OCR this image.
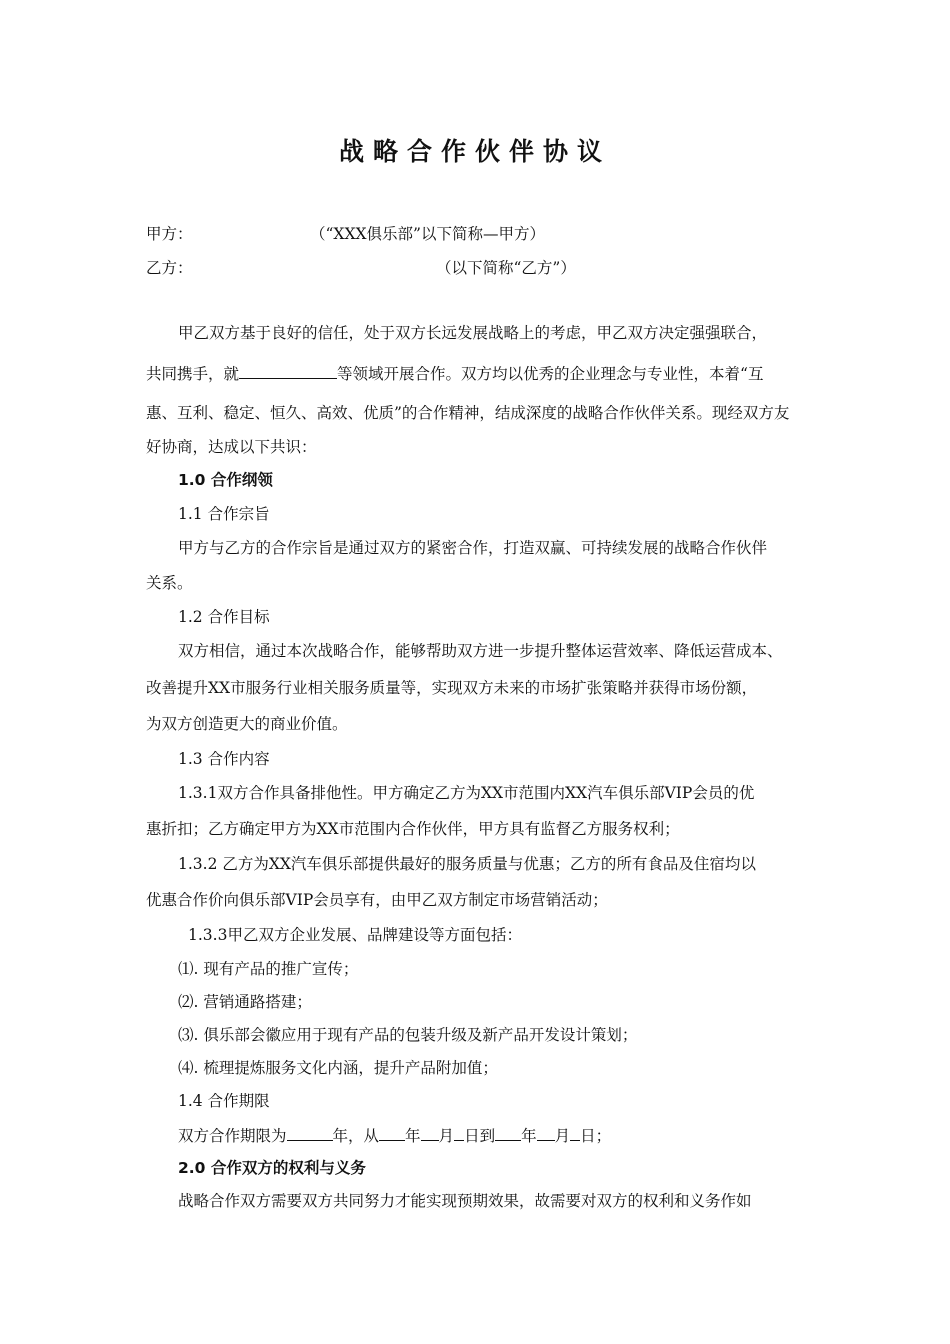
战略合作伙伴协议
甲方：	（“XXX俱乐部”以下简称—甲方）
乙方：	（以下简称“乙方”）
甲乙双方基于良好的信任，处于双方长远发展战略上的考虑，甲乙双方决定强强联合，
共同携手，就	等领域开展合作。双方均以优秀的企业理念与专业性，本着“互
惠、互利、稳定、恒久、高效、优质”的合作精神，结成深度的战略合作伙伴关系。现经双方友
好协商，达成以下共识：
1.0 合作纲领
1.1 合作宗旨
甲方与乙方的合作宗旨是通过双方的紧密合作，打造双赢、可持续发展的战略合作伙伴
关系。
1.2 合作目标
双方相信，通过本次战略合作，能够帮助双方进一步提升整体运营效率、降低运营成本、
改善提升XX市服务行业相关服务质量等，实现双方未来的市场扩张策略并获得市场份额，
为双方创造更大的商业价值。
1.3 合作内容
1.3.1双方合作具备排他性。甲方确定乙方为XX市范围内XX汽车俱乐部VIP会员的优
惠折扣；乙方确定甲方为XX市范围内合作伙伴，甲方具有监督乙方服务权利；
1.3.2 乙方为XX汽车俱乐部提供最好的服务质量与优惠；乙方的所有食品及住宿均以
优惠合作价向俱乐部VIP会员享有，由甲乙双方制定市场营销活动；
1.3.3甲乙双方企业发展、品牌建设等方面包括：
⑴. 现有产品的推广宣传；
⑵. 营销通路搭建；
⑶. 俱乐部会徽应用于现有产品的包装升级及新产品开发设计策划；
⑷. 梳理提炼服务文化内涵，提升产品附加值；
1.4 合作期限
双方合作期限为	年，从 年 月 日到 年 月 日；
2.0 合作双方的权利与义务
战略合作双方需要双方共同努力才能实现预期效果，故需要对双方的权利和义务作如
